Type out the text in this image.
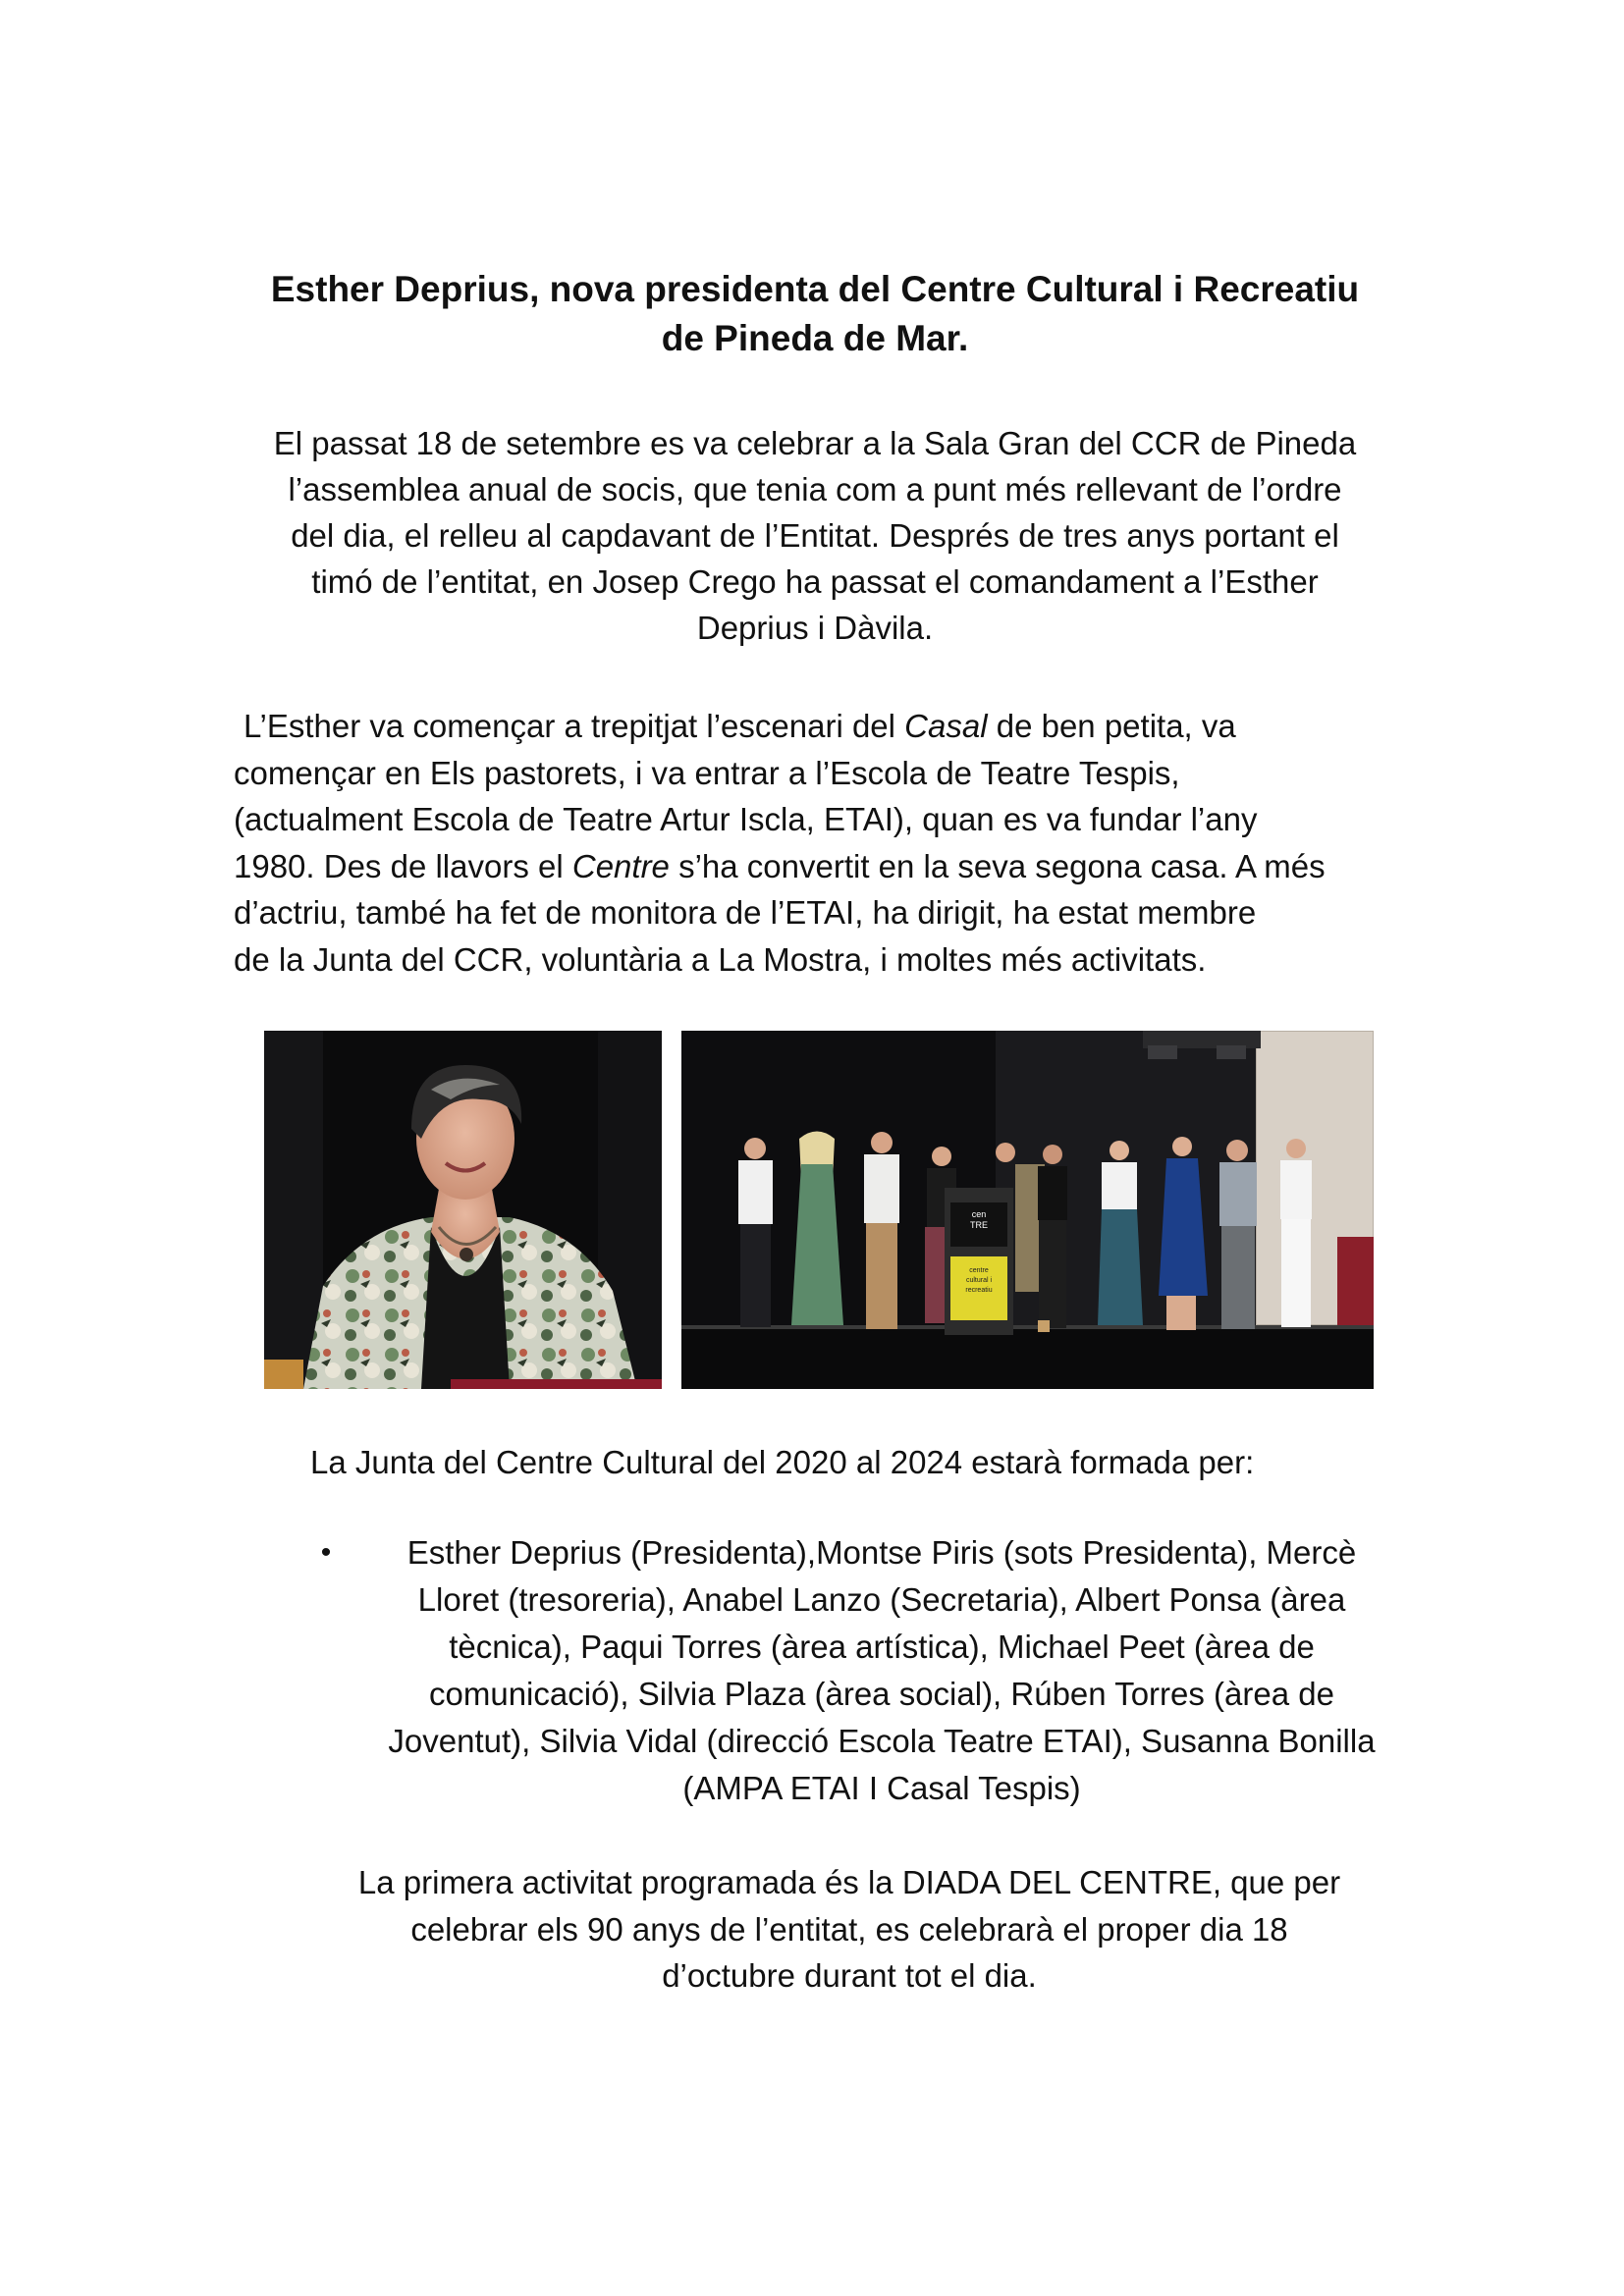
Esther Deprius, nova presidenta del Centre Cultural i Recreatiu
de Pineda de Mar.
El passat 18 de setembre es va celebrar a la Sala Gran del CCR de Pineda
l’assemblea anual de socis, que tenia com a punt més rellevant de l’ordre
del dia, el relleu al capdavant de l’Entitat. Després de tres anys portant el
timó de l’entitat, en Josep Crego ha passat el comandament a l’Esther
Deprius i Dàvila.

L’Esther va començar a trepitjat l’escenari del Casal de ben petita, va

començar en Els pastorets, i va entrar a l’Escola de Teatre Tespis,

(actualment Escola de Teatre Artur Iscla, ETAI), quan es va fundar l’any

1980. Des de llavors el Centre s’ha convertit en la seva segona casa. A més

d’actriu, també ha fet de monitora de l’ETAI, ha dirigit, ha estat membre

de la Junta del CCR, voluntària a La Mostra, i moltes més activitats.

cen
TRE
centre
cultural i
recreatiu
La Junta del Centre Cultural del 2020 al 2024 estarà formada per:
•	Esther Deprius (Presidenta),Montse Piris (sots Presidenta), Mercè
Lloret (tresoreria), Anabel Lanzo (Secretaria), Albert Ponsa (àrea
tècnica), Paqui Torres (àrea artística), Michael Peet (àrea de
comunicació), Silvia Plaza (àrea social), Rúben Torres (àrea de
Joventut), Silvia Vidal (direcció Escola Teatre ETAI), Susanna Bonilla
(AMPA ETAI I Casal Tespis)
La primera activitat programada és la DIADA DEL CENTRE, que per
celebrar els 90 anys de l’entitat, es celebrarà el proper dia 18
d’octubre durant tot el dia.
